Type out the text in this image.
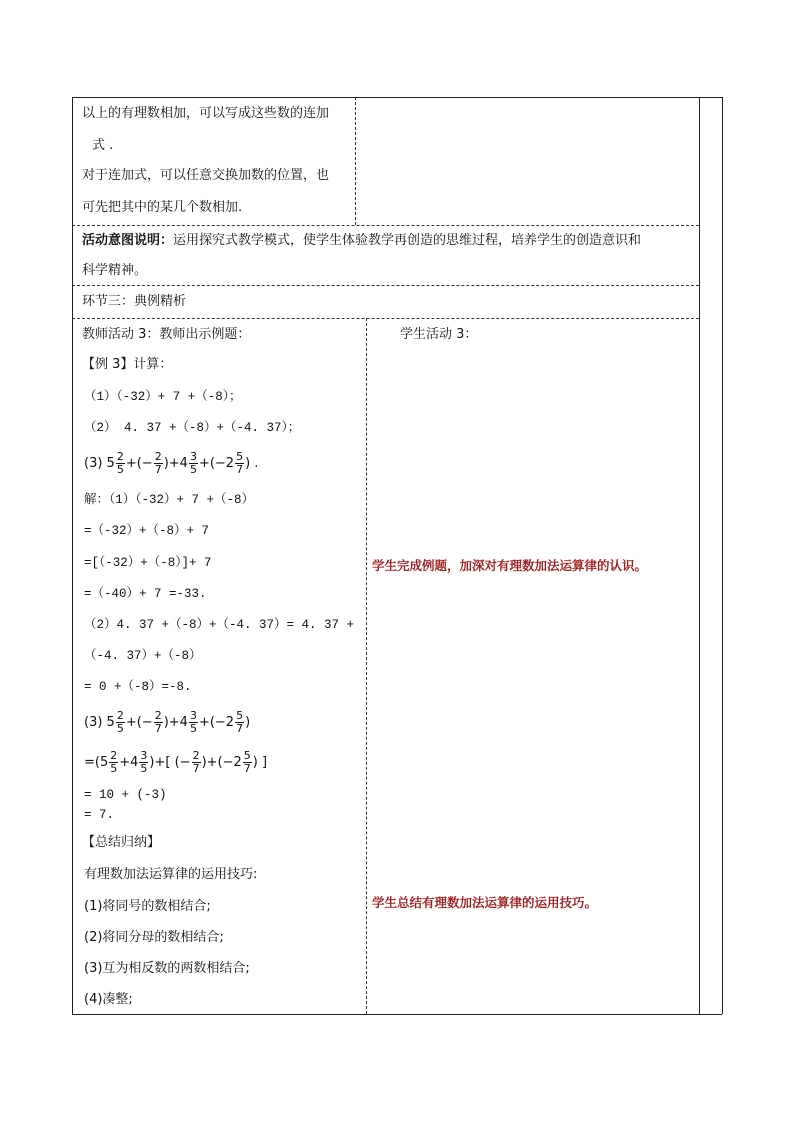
以上的有理数相加，可以写成这些数的连加
式 .
对于连加式，可以任意交换加数的位置，也
可先把其中的某几个数相加.
活动意图说明：运用探究式教学模式，使学生体验教学再创造的思维过程，培养学生的创造意识和
科学精神。
环节三：典例精析
教师活动 3：教师出示例题：
【例 3】计算：
（1）（-32）+ 7 +（-8）；
（2） 4. 37 +（-8）+（-4. 37）；
(3) $5 \frac{2}{5}$ +(− $\frac{2}{7} )+4 \frac{3}{5} +(-2 \frac{5}{7}$ ) .
解：（1）（-32）+ 7 +（-8）
=（-32）+（-8）+ 7
=[（-32）+（-8）]+ 7
=（-40）+ 7 =-33.
（2）4. 37 +（-8）+（-4. 37）= 4. 37 +
（-4. 37）+（-8）
= 0 +（-8）=-8.
(3) $5 \frac{2}{5}$ +(− $\frac{2}{7} )+4 \frac{3}{5} +(-2 \frac{5}{7}$ )
= ($5 \frac{2}{5} +4 \frac{3}{5}$ )+[ (− $\frac{2}{7} )+(-2 \frac{5}{7}$ ) ]
= 10 + (-3)
= 7.
【总结归纳】
有理数加法运算律的运用技巧:
(1)将同号的数相结合;
(2)将同分母的数相结合;
(3)互为相反数的两数相结合;
(4)凑整;
学生活动 3：
学生完成例题，加深对有理数加法运算律的认识。
学生总结有理数加法运算律的运用技巧。
